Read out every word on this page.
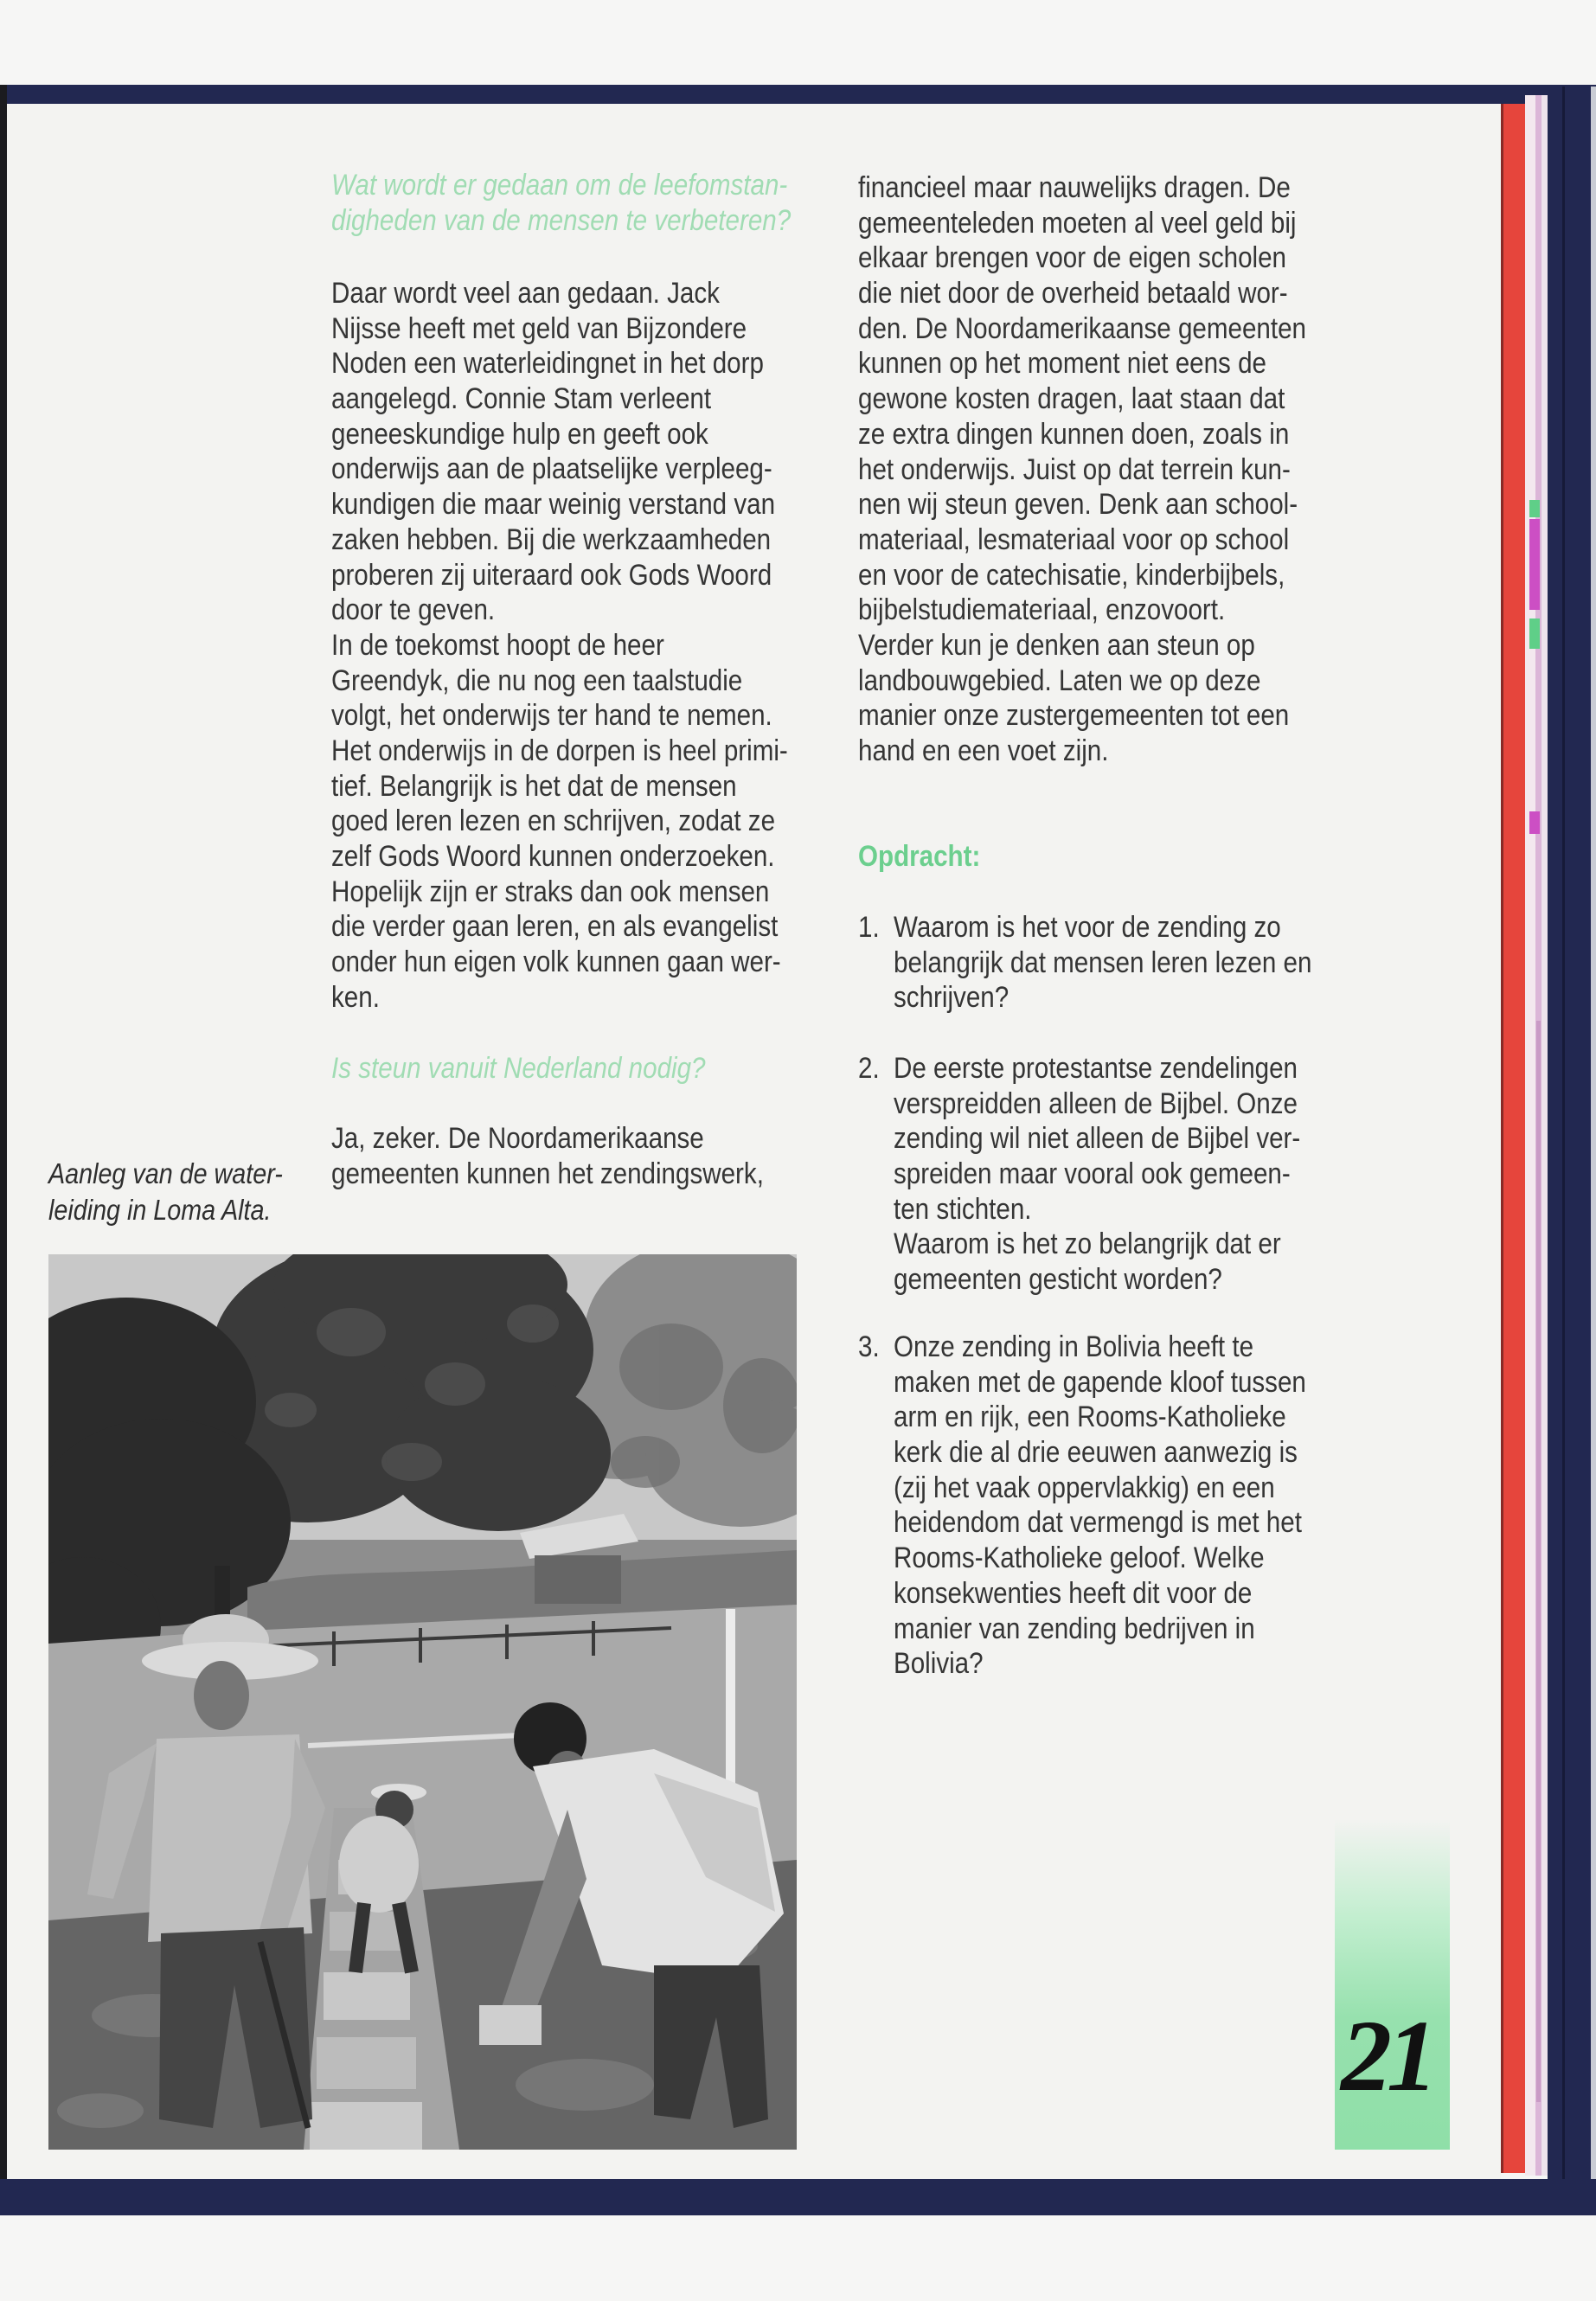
Wat wordt er gedaan om de leefomstan-
digheden van de mensen te verbeteren?
Daar wordt veel aan gedaan. Jack
Nijsse heeft met geld van Bijzondere
Noden een waterleidingnet in het dorp
aangelegd. Connie Stam verleent
geneeskundige hulp en geeft ook
onderwijs aan de plaatselijke verpleeg-
kundigen die maar weinig verstand van
zaken hebben. Bij die werkzaamheden
proberen zij uiteraard ook Gods Woord
door te geven.
In de toekomst hoopt de heer
Greendyk, die nu nog een taalstudie
volgt, het onderwijs ter hand te nemen.
Het onderwijs in de dorpen is heel primi-
tief. Belangrijk is het dat de mensen
goed leren lezen en schrijven, zodat ze
zelf Gods Woord kunnen onderzoeken.
Hopelijk zijn er straks dan ook mensen
die verder gaan leren, en als evangelist
onder hun eigen volk kunnen gaan wer-
ken.
Is steun vanuit Nederland nodig?
Ja, zeker. De Noordamerikaanse
gemeenten kunnen het zendingswerk,
Aanleg van de water-
leiding in Loma Alta.
financieel maar nauwelijks dragen. De
gemeenteleden moeten al veel geld bij
elkaar brengen voor de eigen scholen
die niet door de overheid betaald wor-
den. De Noordamerikaanse gemeenten
kunnen op het moment niet eens de
gewone kosten dragen, laat staan dat
ze extra dingen kunnen doen, zoals in
het onderwijs. Juist op dat terrein kun-
nen wij steun geven. Denk aan school-
materiaal, lesmateriaal voor op school
en voor de catechisatie, kinderbijbels,
bijbelstudiemateriaal, enzovoort.
Verder kun je denken aan steun op
landbouwgebied. Laten we op deze
manier onze zustergemeenten tot een
hand en een voet zijn.
Opdracht:
1. Waarom is het voor de zending zo
belangrijk dat mensen leren lezen en
schrijven?
2. De eerste protestantse zendelingen
verspreidden alleen de Bijbel. Onze
zending wil niet alleen de Bijbel ver-
spreiden maar vooral ook gemeen-
ten stichten.
Waarom is het zo belangrijk dat er
gemeenten gesticht worden?
3. Onze zending in Bolivia heeft te
maken met de gapende kloof tussen
arm en rijk, een Rooms-Katholieke
kerk die al drie eeuwen aanwezig is
(zij het vaak oppervlakkig) en een
heidendom dat vermengd is met het
Rooms-Katholieke geloof. Welke
konsekwenties heeft dit voor de
manier van zending bedrijven in
Bolivia?
21
